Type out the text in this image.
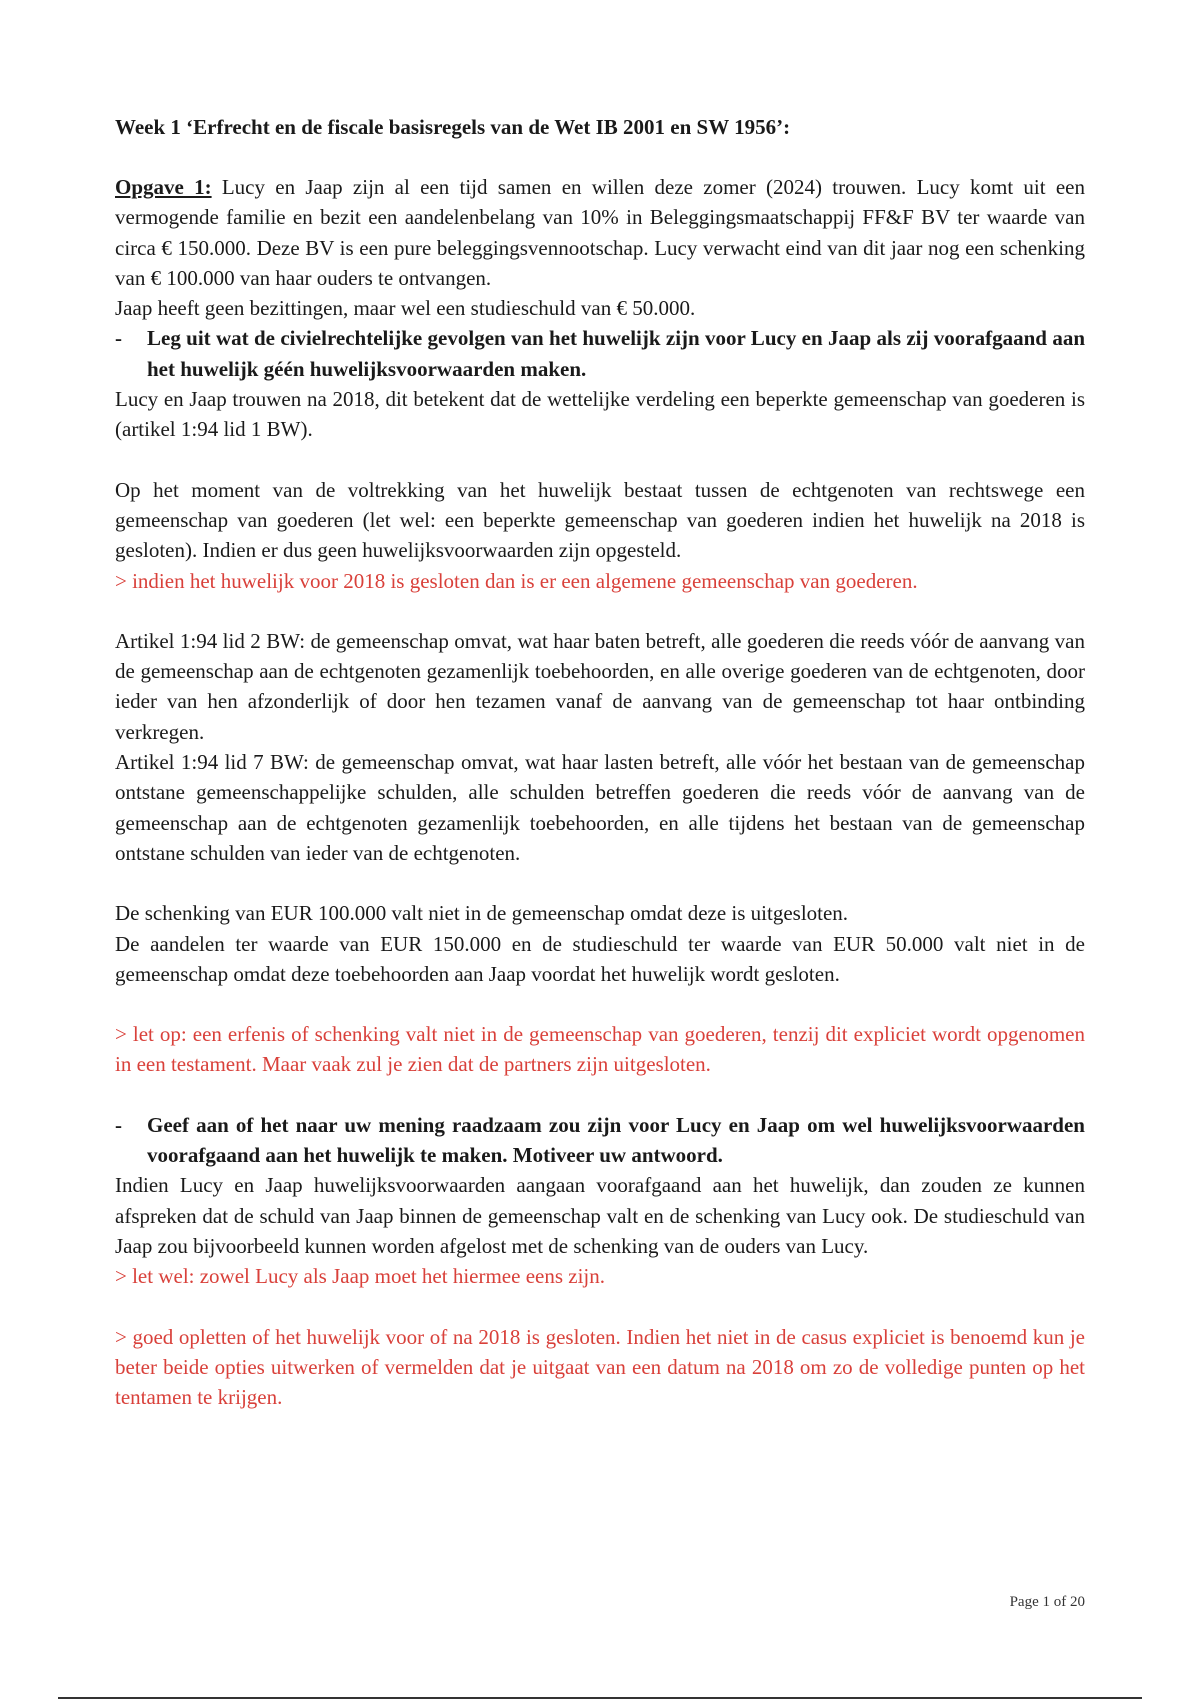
Week 1 ‘Erfrecht en de fiscale basisregels van de Wet IB 2001 en SW 1956’:

Opgave 1: Lucy en Jaap zijn al een tijd samen en willen deze zomer (2024) trouwen. Lucy komt uit een vermogende familie en bezit een aandelenbelang van 10% in Beleggingsmaatschappij FF&F BV ter waarde van circa € 150.000. Deze BV is een pure beleggingsvennootschap. Lucy verwacht eind van dit jaar nog een schenking van € 100.000 van haar ouders te ontvangen.

Jaap heeft geen bezittingen, maar wel een studieschuld van € 50.000.

- Leg uit wat de civielrechtelijke gevolgen van het huwelijk zijn voor Lucy en Jaap als zij voorafgaand aan het huwelijk géén huwelijksvoorwaarden maken.

Lucy en Jaap trouwen na 2018, dit betekent dat de wettelijke verdeling een beperkte gemeenschap van goederen is (artikel 1:94 lid 1 BW).

Op het moment van de voltrekking van het huwelijk bestaat tussen de echtgenoten van rechtswege een gemeenschap van goederen (let wel: een beperkte gemeenschap van goederen indien het huwelijk na 2018 is gesloten). Indien er dus geen huwelijksvoorwaarden zijn opgesteld.

> indien het huwelijk voor 2018 is gesloten dan is er een algemene gemeenschap van goederen.

Artikel 1:94 lid 2 BW: de gemeenschap omvat, wat haar baten betreft, alle goederen die reeds vóór de aanvang van de gemeenschap aan de echtgenoten gezamenlijk toebehoorden, en alle overige goederen van de echtgenoten, door ieder van hen afzonderlijk of door hen tezamen vanaf de aanvang van de gemeenschap tot haar ontbinding verkregen.

Artikel 1:94 lid 7 BW: de gemeenschap omvat, wat haar lasten betreft, alle vóór het bestaan van de gemeenschap ontstane gemeenschappelijke schulden, alle schulden betreffen goederen die reeds vóór de aanvang van de gemeenschap aan de echtgenoten gezamenlijk toebehoorden, en alle tijdens het bestaan van de gemeenschap ontstane schulden van ieder van de echtgenoten.

De schenking van EUR 100.000 valt niet in de gemeenschap omdat deze is uitgesloten.

De aandelen ter waarde van EUR 150.000 en de studieschuld ter waarde van EUR 50.000 valt niet in de gemeenschap omdat deze toebehoorden aan Jaap voordat het huwelijk wordt gesloten.

> let op: een erfenis of schenking valt niet in de gemeenschap van goederen, tenzij dit expliciet wordt opgenomen in een testament. Maar vaak zul je zien dat de partners zijn uitgesloten.

- Geef aan of het naar uw mening raadzaam zou zijn voor Lucy en Jaap om wel huwelijksvoorwaarden voorafgaand aan het huwelijk te maken. Motiveer uw antwoord.

Indien Lucy en Jaap huwelijksvoorwaarden aangaan voorafgaand aan het huwelijk, dan zouden ze kunnen afspreken dat de schuld van Jaap binnen de gemeenschap valt en de schenking van Lucy ook. De studieschuld van Jaap zou bijvoorbeeld kunnen worden afgelost met de schenking van de ouders van Lucy.

> let wel: zowel Lucy als Jaap moet het hiermee eens zijn.

> goed opletten of het huwelijk voor of na 2018 is gesloten. Indien het niet in de casus expliciet is benoemd kun je beter beide opties uitwerken of vermelden dat je uitgaat van een datum na 2018 om zo de volledige punten op het tentamen te krijgen.

Page 1 of 20
